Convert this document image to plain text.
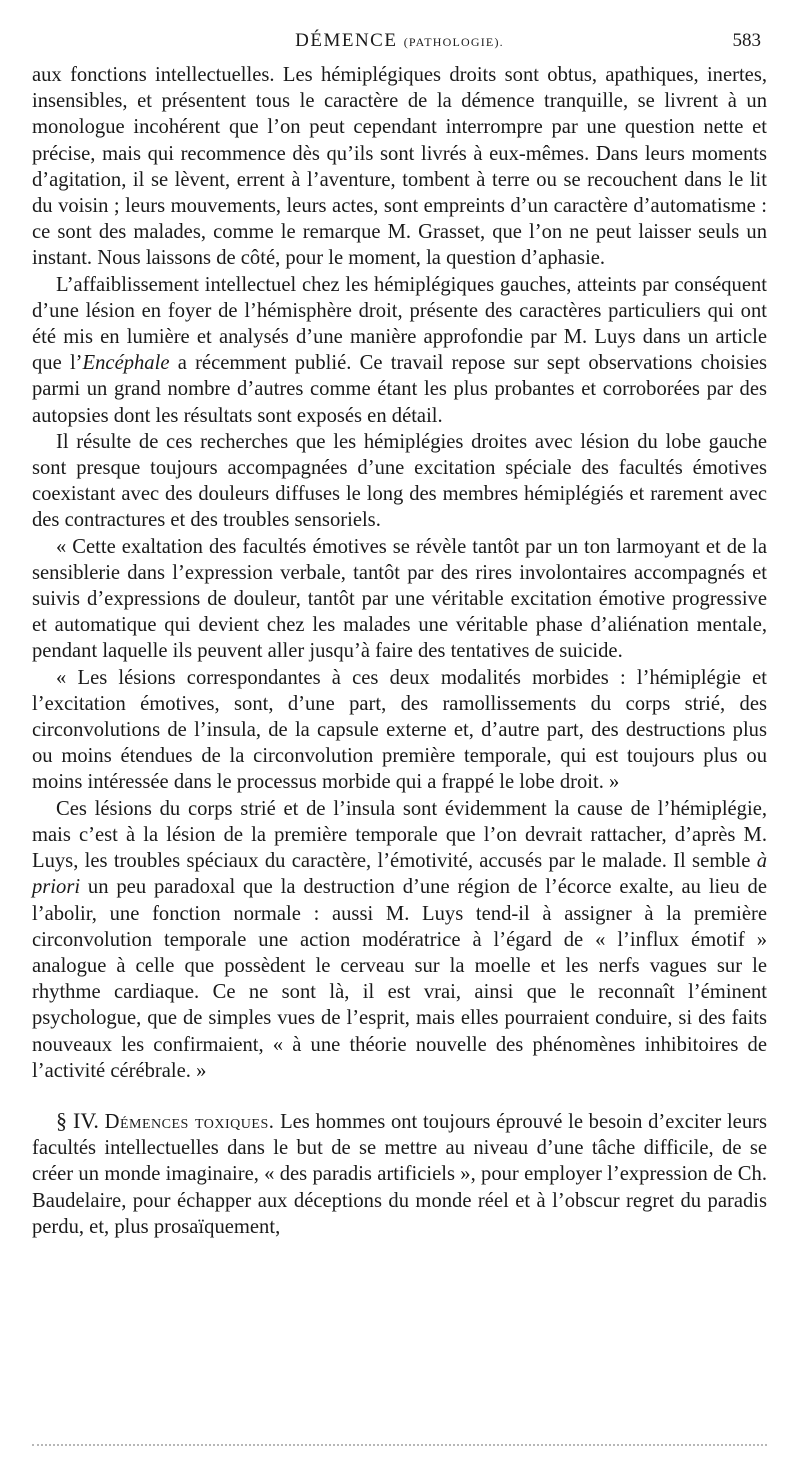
DÉMENCE (PATHOLOGIE).	583

aux fonctions intellectuelles. Les hémiplégiques droits sont obtus, apathiques, inertes, insensibles, et présentent tous le caractère de la démence tranquille, se livrent à un monologue incohérent que l’on peut cependant interrompre par une question nette et précise, mais qui recommence dès qu’ils sont livrés à eux-mêmes. Dans leurs moments d’agitation, il se lèvent, errent à l’aventure, tombent à terre ou se recouchent dans le lit du voisin ; leurs mouvements, leurs actes, sont empreints d’un caractère d’automatisme : ce sont des malades, comme le remarque M. Grasset, que l’on ne peut laisser seuls un instant. Nous laissons de côté, pour le moment, la question d’aphasie.

L’affaiblissement intellectuel chez les hémiplégiques gauches, atteints par conséquent d’une lésion en foyer de l’hémisphère droit, présente des caractères particuliers qui ont été mis en lumière et analysés d’une manière approfondie par M. Luys dans un article que l’Encéphale a récemment publié. Ce travail repose sur sept observations choisies parmi un grand nombre d’autres comme étant les plus probantes et corroborées par des autopsies dont les résultats sont exposés en détail.

Il résulte de ces recherches que les hémiplégies droites avec lésion du lobe gauche sont presque toujours accompagnées d’une excitation spéciale des facultés émotives coexistant avec des douleurs diffuses le long des membres hémiplégiés et rarement avec des contractures et des troubles sensoriels.

« Cette exaltation des facultés émotives se révèle tantôt par un ton larmoyant et de la sensiblerie dans l’expression verbale, tantôt par des rires involontaires accompagnés et suivis d’expressions de douleur, tantôt par une véritable excitation émotive progressive et automatique qui devient chez les malades une véritable phase d’aliénation mentale, pendant laquelle ils peuvent aller jusqu’à faire des tentatives de suicide.

« Les lésions correspondantes à ces deux modalités morbides : l’hémiplégie et l’excitation émotives, sont, d’une part, des ramollissements du corps strié, des circonvolutions de l’insula, de la capsule externe et, d’autre part, des destructions plus ou moins étendues de la circonvolution première temporale, qui est toujours plus ou moins intéressée dans le processus morbide qui a frappé le lobe droit. »

Ces lésions du corps strié et de l’insula sont évidemment la cause de l’hémiplégie, mais c’est à la lésion de la première temporale que l’on devrait rattacher, d’après M. Luys, les troubles spéciaux du caractère, l’émotivité, accusés par le malade. Il semble à priori un peu paradoxal que la destruction d’une région de l’écorce exalte, au lieu de l’abolir, une fonction normale : aussi M. Luys tend-il à assigner à la première circonvolution temporale une action modératrice à l’égard de « l’influx émotif » analogue à celle que possèdent le cerveau sur la moelle et les nerfs vagues sur le rhythme cardiaque. Ce ne sont là, il est vrai, ainsi que le reconnaît l’éminent psychologue, que de simples vues de l’esprit, mais elles pourraient conduire, si des faits nouveaux les confirmaient, « à une théorie nouvelle des phénomènes inhibitoires de l’activité cérébrale. »

§ IV. Démences toxiques. Les hommes ont toujours éprouvé le besoin d’exciter leurs facultés intellectuelles dans le but de se mettre au niveau d’une tâche difficile, de se créer un monde imaginaire, « des paradis artificiels », pour employer l’expression de Ch. Baudelaire, pour échapper aux déceptions du monde réel et à l’obscur regret du paradis perdu, et, plus prosaïquement,
